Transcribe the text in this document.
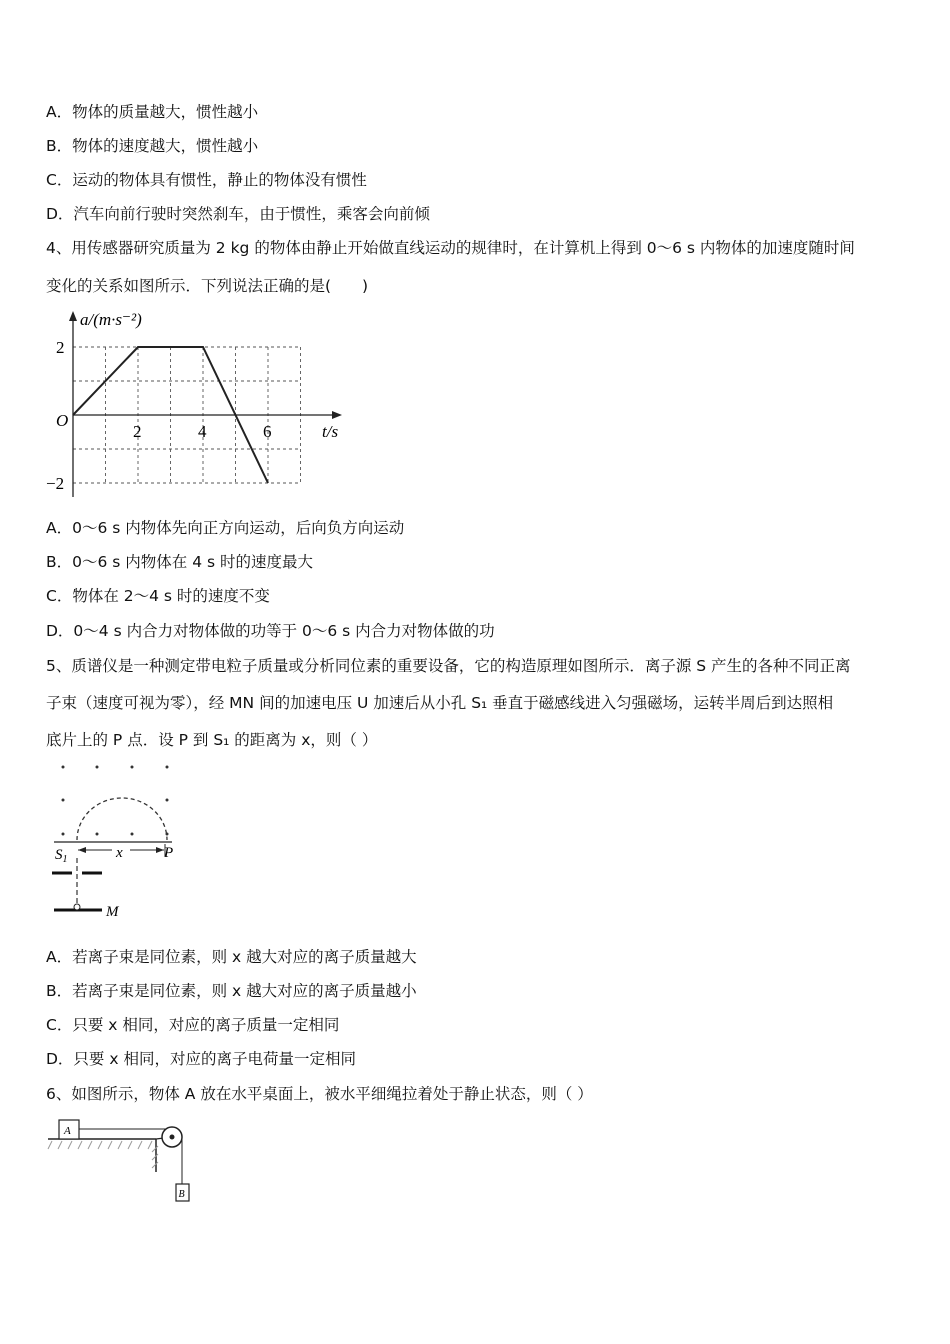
A．物体的质量越大，惯性越小
B．物体的速度越大，惯性越小
C．运动的物体具有惯性，静止的物体没有惯性
D．汽车向前行驶时突然刹车，由于惯性，乘客会向前倾
4、用传感器研究质量为 2 kg 的物体由静止开始做直线运动的规律时，在计算机上得到 0～6 s 内物体的加速度随时间
变化的关系如图所示．下列说法正确的是(　　)
a/(m·s⁻²)
t/s
O
2	4	6
2
−2
A．0～6 s 内物体先向正方向运动，后向负方向运动
B．0～6 s 内物体在 4 s 时的速度最大
C．物体在 2～4 s 时的速度不变
D．0～4 s 内合力对物体做的功等于 0～6 s 内合力对物体做的功
5、质谱仪是一种测定带电粒子质量或分析同位素的重要设备，它的构造原理如图所示．离子源 S 产生的各种不同正离
子束（速度可视为零），经 MN 间的加速电压 U 加速后从小孔 S₁ 垂直于磁感线进入匀强磁场，运转半周后到达照相
底片上的 P 点．设 P 到 S₁ 的距离为 x，则（ ）
$S_1$	x	P
M
A．若离子束是同位素，则 x 越大对应的离子质量越大
B．若离子束是同位素，则 x 越大对应的离子质量越小
C．只要 x 相同，对应的离子质量一定相同
D．只要 x 相同，对应的离子电荷量一定相同
6、如图所示，物体 A 放在水平桌面上，被水平细绳拉着处于静止状态，则（ ）
A
B
